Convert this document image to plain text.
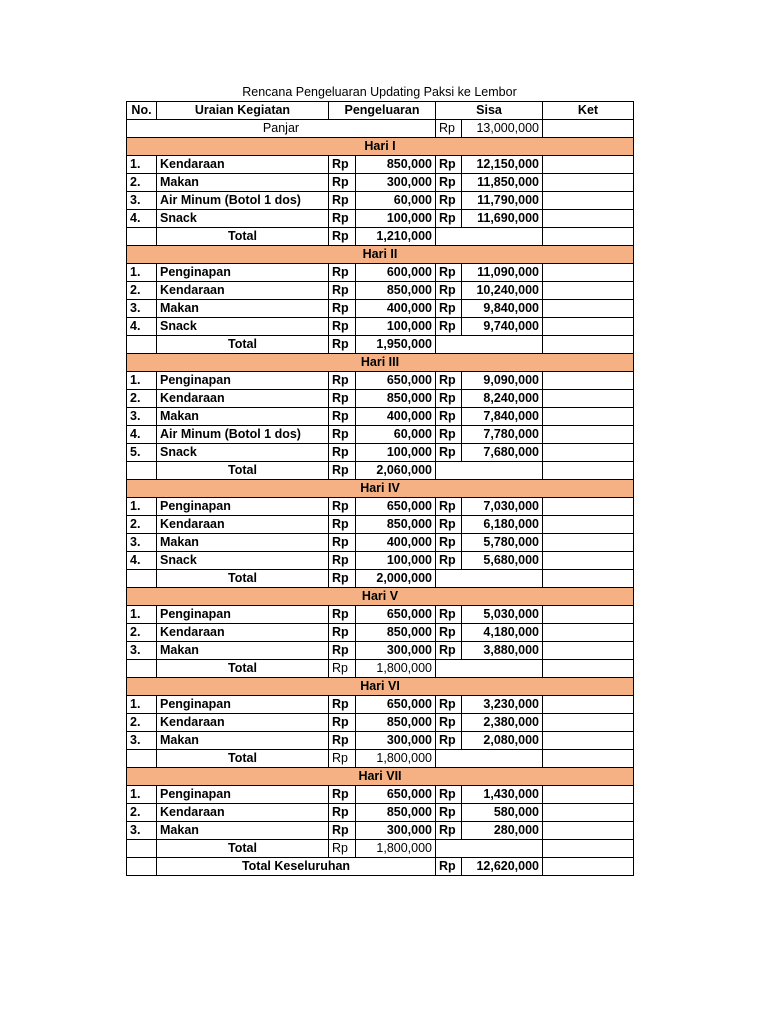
Rencana Pengeluaran Updating Paksi ke Lembor
No.	Uraian Kegiatan	Pengeluaran		Sisa		Ket
Panjar				Rp	13,000,000	
Hari I						
1.	Kendaraan	Rp	850,000	Rp	12,150,000	
2.	Makan	Rp	300,000	Rp	11,850,000	
3.	Air Minum (Botol 1 dos)	Rp	60,000	Rp	11,790,000	
4.	Snack	Rp	100,000	Rp	11,690,000	
	Total	Rp	1,210,000			
Hari II						
1.	Penginapan	Rp	600,000	Rp	11,090,000	
2.	Kendaraan	Rp	850,000	Rp	10,240,000	
3.	Makan	Rp	400,000	Rp	9,840,000	
4.	Snack	Rp	100,000	Rp	9,740,000	
	Total	Rp	1,950,000			
Hari III						
1.	Penginapan	Rp	650,000	Rp	9,090,000	
2.	Kendaraan	Rp	850,000	Rp	8,240,000	
3.	Makan	Rp	400,000	Rp	7,840,000	
4.	Air Minum (Botol 1 dos)	Rp	60,000	Rp	7,780,000	
5.	Snack	Rp	100,000	Rp	7,680,000	
	Total	Rp	2,060,000			
Hari IV						
1.	Penginapan	Rp	650,000	Rp	7,030,000	
2.	Kendaraan	Rp	850,000	Rp	6,180,000	
3.	Makan	Rp	400,000	Rp	5,780,000	
4.	Snack	Rp	100,000	Rp	5,680,000	
	Total	Rp	2,000,000			
Hari V						
1.	Penginapan	Rp	650,000	Rp	5,030,000	
2.	Kendaraan	Rp	850,000	Rp	4,180,000	
3.	Makan	Rp	300,000	Rp	3,880,000	
	Total	Rp	1,800,000			
Hari VI						
1.	Penginapan	Rp	650,000	Rp	3,230,000	
2.	Kendaraan	Rp	850,000	Rp	2,380,000	
3.	Makan	Rp	300,000	Rp	2,080,000	
	Total	Rp	1,800,000			
Hari VII						
1.	Penginapan	Rp	650,000	Rp	1,430,000	
2.	Kendaraan	Rp	850,000	Rp	580,000	
3.	Makan	Rp	300,000	Rp	280,000	
	Total	Rp	1,800,000			
	Total Keseluruhan			Rp	12,620,000	
